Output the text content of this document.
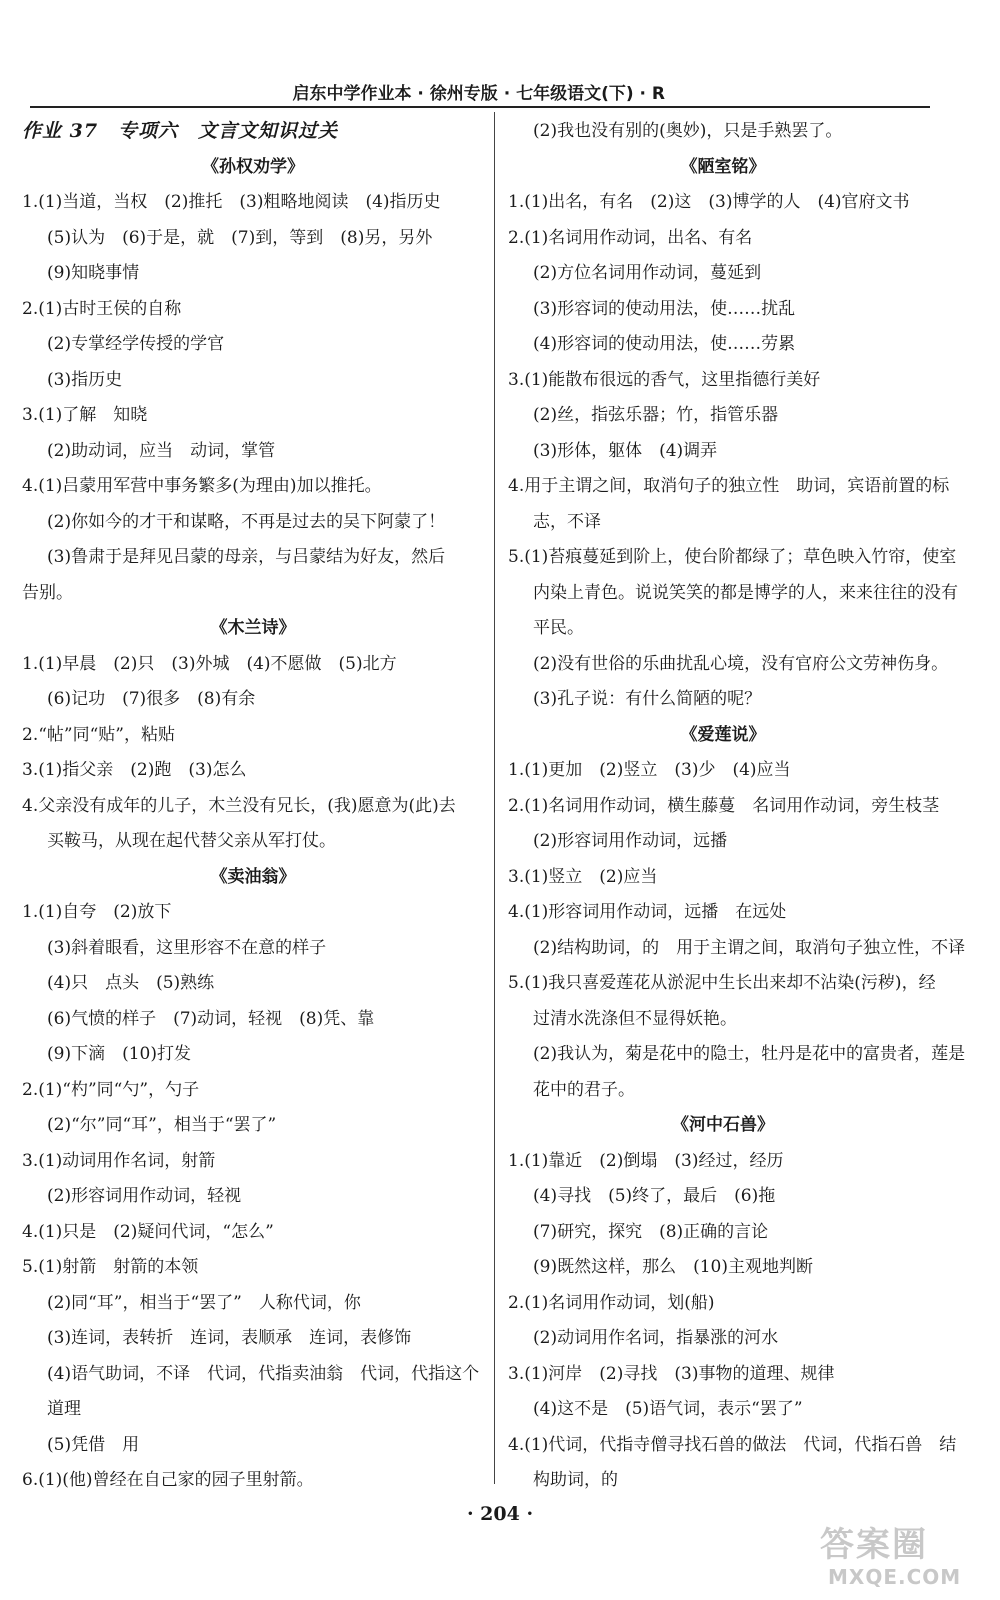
启东中学作业本 · 徐州专版 · 七年级语文(下) · R
作业 37　专项六　文言文知识过关
《孙权劝学》
1.(1)当道，当权　(2)推托　(3)粗略地阅读　(4)指历史
(5)认为　(6)于是，就　(7)到，等到　(8)另，另外
(9)知晓事情
2.(1)古时王侯的自称
(2)专掌经学传授的学官
(3)指历史
3.(1)了解　知晓
(2)助动词，应当　动词，掌管
4.(1)吕蒙用军营中事务繁多(为理由)加以推托。
(2)你如今的才干和谋略，不再是过去的吴下阿蒙了！
(3)鲁肃于是拜见吕蒙的母亲，与吕蒙结为好友，然后
告别。
《木兰诗》
1.(1)早晨　(2)只　(3)外城　(4)不愿做　(5)北方
(6)记功　(7)很多　(8)有余
2.“帖”同“贴”，粘贴
3.(1)指父亲　(2)跑　(3)怎么
4.父亲没有成年的儿子，木兰没有兄长，(我)愿意为(此)去
买鞍马，从现在起代替父亲从军打仗。
《卖油翁》
1.(1)自夸　(2)放下
(3)斜着眼看，这里形容不在意的样子
(4)只　点头　(5)熟练
(6)气愤的样子　(7)动词，轻视　(8)凭、靠
(9)下滴　(10)打发
2.(1)“杓”同“勺”，勺子
(2)“尔”同“耳”，相当于“罢了”
3.(1)动词用作名词，射箭
(2)形容词用作动词，轻视
4.(1)只是　(2)疑问代词，“怎么”
5.(1)射箭　射箭的本领
(2)同“耳”，相当于“罢了”　人称代词，你
(3)连词，表转折　连词，表顺承　连词，表修饰
(4)语气助词，不译　代词，代指卖油翁　代词，代指这个
道理
(5)凭借　用
6.(1)(他)曾经在自己家的园子里射箭。
(2)我也没有别的(奥妙)，只是手熟罢了。
《陋室铭》
1.(1)出名，有名　(2)这　(3)博学的人　(4)官府文书
2.(1)名词用作动词，出名、有名
(2)方位名词用作动词，蔓延到
(3)形容词的使动用法，使……扰乱
(4)形容词的使动用法，使……劳累
3.(1)能散布很远的香气，这里指德行美好
(2)丝，指弦乐器；竹，指管乐器
(3)形体，躯体　(4)调弄
4.用于主谓之间，取消句子的独立性　助词，宾语前置的标
志，不译
5.(1)苔痕蔓延到阶上，使台阶都绿了；草色映入竹帘，使室
内染上青色。说说笑笑的都是博学的人，来来往往的没有
平民。
(2)没有世俗的乐曲扰乱心境，没有官府公文劳神伤身。
(3)孔子说：有什么简陋的呢？
《爱莲说》
1.(1)更加　(2)竖立　(3)少　(4)应当
2.(1)名词用作动词，横生藤蔓　名词用作动词，旁生枝茎
(2)形容词用作动词，远播
3.(1)竖立　(2)应当
4.(1)形容词用作动词，远播　在远处
(2)结构助词，的　用于主谓之间，取消句子独立性，不译
5.(1)我只喜爱莲花从淤泥中生长出来却不沾染(污秽)，经
过清水洗涤但不显得妖艳。
(2)我认为，菊是花中的隐士，牡丹是花中的富贵者，莲是
花中的君子。
《河中石兽》
1.(1)靠近　(2)倒塌　(3)经过，经历
(4)寻找　(5)终了，最后　(6)拖
(7)研究，探究　(8)正确的言论
(9)既然这样，那么　(10)主观地判断
2.(1)名词用作动词，划(船)
(2)动词用作名词，指暴涨的河水
3.(1)河岸　(2)寻找　(3)事物的道理、规律
(4)这不是　(5)语气词，表示“罢了”
4.(1)代词，代指寺僧寻找石兽的做法　代词，代指石兽　结
构助词，的
· 204 ·
答案圈
MXQE.COM
